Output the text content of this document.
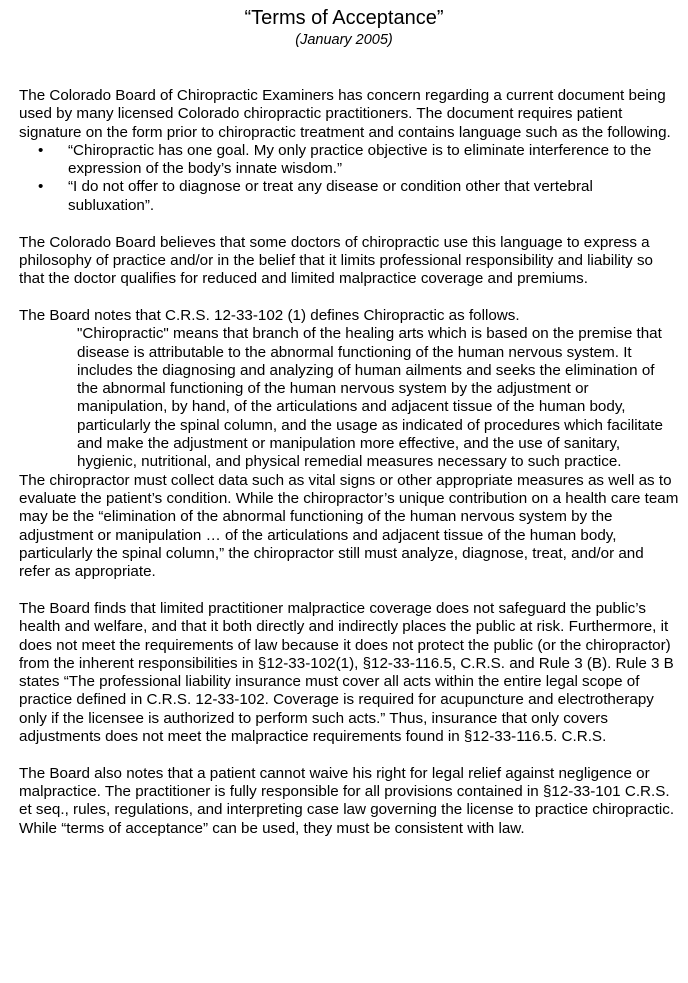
“Terms of Acceptance”
(January 2005)

The Colorado Board of Chiropractic Examiners has concern regarding a current document being used by many licensed Colorado chiropractic practitioners. The document requires patient signature on the form prior to chiropractic treatment and contains language such as the following.

• “Chiropractic has one goal. My only practice objective is to eliminate interference to the expression of the body’s innate wisdom.”
• “I do not offer to diagnose or treat any disease or condition other that vertebral subluxation”.

The Colorado Board believes that some doctors of chiropractic use this language to express a philosophy of practice and/or in the belief that it limits professional responsibility and liability so that the doctor qualifies for reduced and limited malpractice coverage and premiums.

The Board notes that C.R.S. 12-33-102 (1) defines Chiropractic as follows.

"Chiropractic" means that branch of the healing arts which is based on the premise that disease is attributable to the abnormal functioning of the human nervous system. It includes the diagnosing and analyzing of human ailments and seeks the elimination of the abnormal functioning of the human nervous system by the adjustment or manipulation, by hand, of the articulations and adjacent tissue of the human body, particularly the spinal column, and the usage as indicated of procedures which facilitate and make the adjustment or manipulation more effective, and the use of sanitary, hygienic, nutritional, and physical remedial measures necessary to such practice.

The chiropractor must collect data such as vital signs or other appropriate measures as well as to evaluate the patient’s condition. While the chiropractor’s unique contribution on a health care team may be the “elimination of the abnormal functioning of the human nervous system by the adjustment or manipulation … of the articulations and adjacent tissue of the human body, particularly the spinal column,” the chiropractor still must analyze, diagnose, treat, and/or and refer as appropriate.

The Board finds that limited practitioner malpractice coverage does not safeguard the public’s health and welfare, and that it both directly and indirectly places the public at risk. Furthermore, it does not meet the requirements of law because it does not protect the public (or the chiropractor) from the inherent responsibilities in §12-33-102(1), §12-33-116.5, C.R.S. and Rule 3 (B). Rule 3 B states “The professional liability insurance must cover all acts within the entire legal scope of practice defined in C.R.S. 12-33-102. Coverage is required for acupuncture and electrotherapy only if the licensee is authorized to perform such acts.” Thus, insurance that only covers adjustments does not meet the malpractice requirements found in §12-33-116.5. C.R.S.

The Board also notes that a patient cannot waive his right for legal relief against negligence or malpractice. The practitioner is fully responsible for all provisions contained in §12-33-101 C.R.S. et seq., rules, regulations, and interpreting case law governing the license to practice chiropractic. While “terms of acceptance” can be used, they must be consistent with law.
